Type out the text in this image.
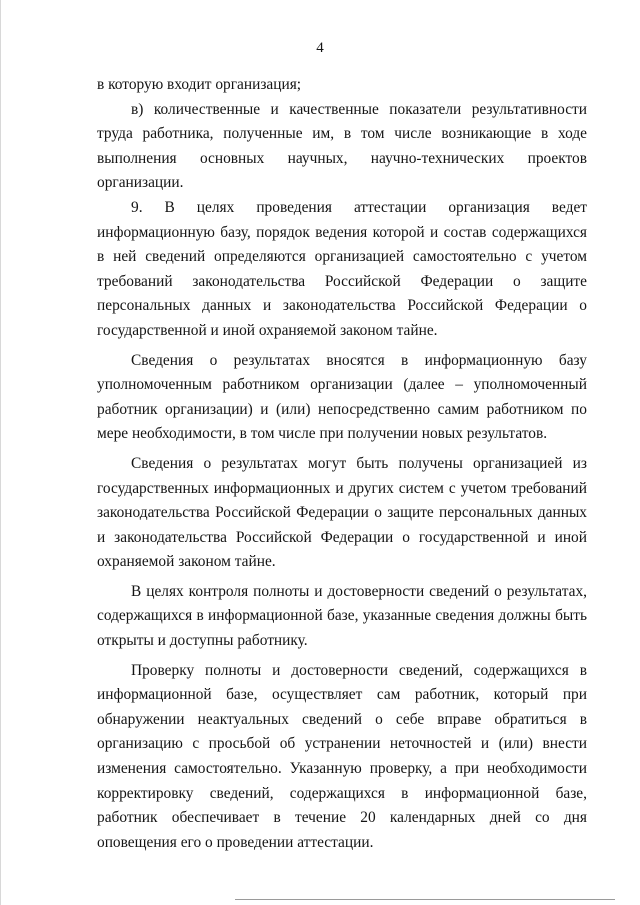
4

в которую входит организация;

в) количественные и качественные показатели результативности труда работника, полученные им, в том числе возникающие в ходе выполнения основных научных, научно-технических проектов организации.

9. В целях проведения аттестации организация ведет информационную базу, порядок ведения которой и состав содержащихся в ней сведений определяются организацией самостоятельно с учетом требований законодательства Российской Федерации о защите персональных данных и законодательства Российской Федерации о государственной и иной охраняемой законом тайне.

Сведения о результатах вносятся в информационную базу уполномоченным работником организации (далее – уполномоченный работник организации) и (или) непосредственно самим работником по мере необходимости, в том числе при получении новых результатов.

Сведения о результатах могут быть получены организацией из государственных информационных и других систем с учетом требований законодательства Российской Федерации о защите персональных данных и законодательства Российской Федерации о государственной и иной охраняемой законом тайне.

В целях контроля полноты и достоверности сведений о результатах, содержащихся в информационной базе, указанные сведения должны быть открыты и доступны работнику.

Проверку полноты и достоверности сведений, содержащихся в информационной базе, осуществляет сам работник, который при обнаружении неактуальных сведений о себе вправе обратиться в организацию с просьбой об устранении неточностей и (или) внести изменения самостоятельно. Указанную проверку, а при необходимости корректировку сведений, содержащихся в информационной базе, работник обеспечивает в течение 20 календарных дней со дня оповещения его о проведении аттестации.
